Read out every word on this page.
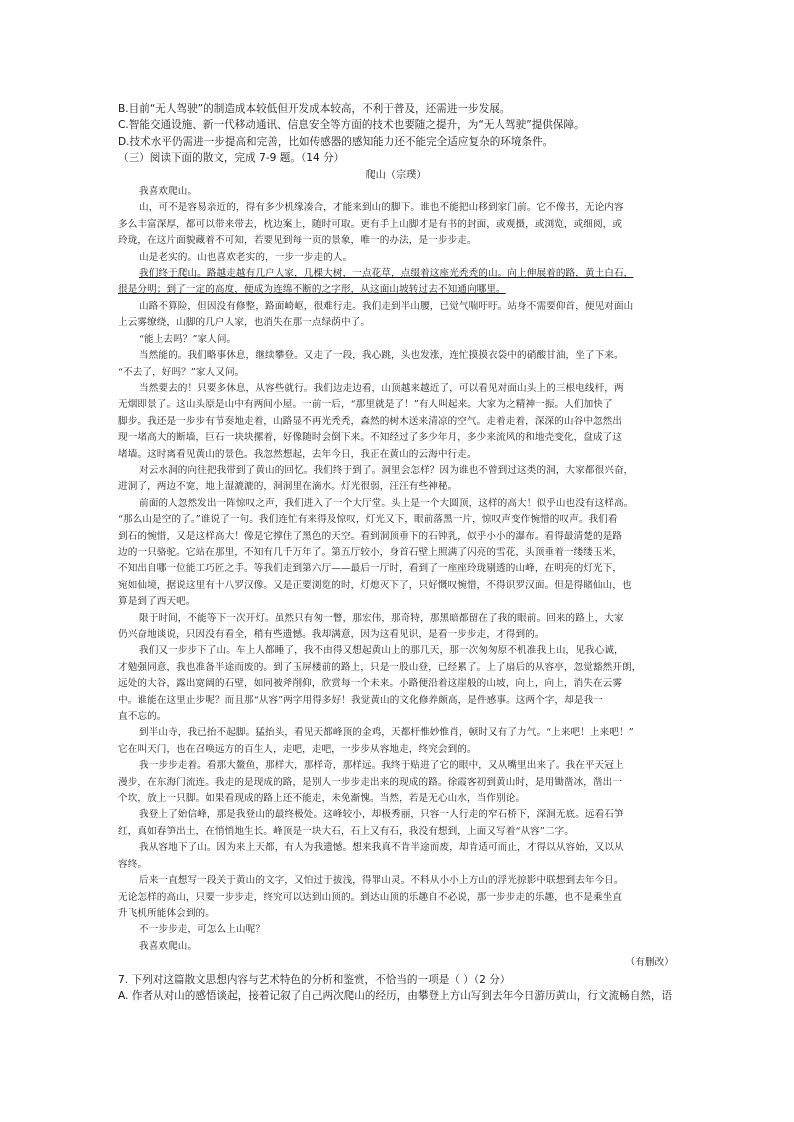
B.目前“无人驾驶”的制造成本较低但开发成本较高，不利于普及，还需进一步发展。
C.智能交通设施、新一代移动通讯、信息安全等方面的技术也要随之提升，为“无人驾驶”提供保障。
D.技术水平仍需进一步提高和完善，比如传感器的感知能力还不能完全适应复杂的环境条件。
（三）阅读下面的散文，完成 7-9 题。（14 分）
爬山（宗璞）
我喜欢爬山。
山，可不是容易亲近的，得有多少机缘凑合，才能来到山的脚下。谁也不能把山移到家门前。它不像书，无论内容
多么丰富深厚，都可以带来带去，枕边案上，随时可取。更有手上山脚才是有书的封面，或观摄，或浏览，或细阅，或
玲珑，在这片面貌藏着不可知，若要见到每一页的景象，唯一的办法，是一步步走。
山是老实的。山也喜欢老实的，一步一步走的人。
我们终于爬山。路越走越有几户人家，几棵大树，一点花草，点缀着这座光秃秃的山。向上伸展着的路，黄土白石，
很是分明；到了一定的高度，便成为连绵不断的之字形，从这面山坡转过去不知通向哪里。
山路不算险，但因没有修整，路面崎岖，很难行走。我们走到半山腰，已觉气喘吁吁。站身不需要仰首，便见对面山
上云雾缭绕，山脚的几户人家，也消失在那一点绿荫中了。
“能上去吗？”家人问。
当然能的。我们略事休息，继续攀登。又走了一段，我心跳，头也发涨，连忙摸摸衣袋中的硝酸甘油，坐了下来。
“不去了，好吗？”家人又问。
当然要去的！只要多休息，从容些就行。我们边走边看，山顶越来越近了，可以看见对面山头上的三根电线杆，两
无烟即景了。这山头原是山中有两间小屋。一前一后，“那里就是了！”有人叫起来。大家为之精神一振。人们加快了
脚步。我还是一步步有节奏地走着，山路显不再光秃秃，森然的树木送来清凉的空气。走着走着，深深的山谷中忽然出
现一堵高大的断墙，巨石一块块摞着，好像随时会倒下来。不知经过了多少年月，多少来流风的和地壳变化，盘成了这
堵墙。这时离看见黄山的景色。我忽然想起，去年今日，我正在黄山的云海中行走。
对云水洞的向往把我带到了黄山的回忆。我们终于到了。洞里会怎样？因为谁也不曾到过这类的洞，大家都很兴奋，
进洞了，两边不宽，地上湿漉漉的，洞洞里在滴水。灯光很弱，汪汪有些神秘。
前面的人忽然发出一阵惊叹之声，我们进入了一个大厅堂。头上是一个大圆顶，这样的高大！似乎山也没有这样高。
“那么山是空的了。”谁说了一句。我们连忙有来得及惊叹，灯光又下，眼前落黑一片，惊叹声变作惋惜的叹声。我们看
到石的惋惜，又是这样高大！像是它撑住了黑色的天空。看到洞顶垂下的石钟乳，似乎小小的瀑布。看得最清楚的是路
边的一只骆驼。它站在那里，不知有几千万年了。第五厅较小，身首石壁上照满了闪亮的雪花，头顶垂着一缕缕玉米，
不知出自哪一位能工巧匠之手。等我们走到第六厅——最后一厅时，看到了一座座玲珑剔透的山峰，在明亮的灯光下，
宛如仙境，据说这里有十八罗汉像。又是正要浏览的时，灯熄灭下了，只好慨叹惋惜，不得识罗汉面。但是得睹仙山，也
算是到了西天吧。
限于时间，不能等下一次开灯。虽然只有匆一瞥，那宏伟，那奇特，那黑暗都留在了我的眼前。回来的路上，大家
仍兴奋地谈说，只因没有看全，稍有些遗憾。我却满意，因为这看见识，是看一步步走，才得到的。
我们又一步步下了山。车上人都睡了，我不由得又想起黄山上的那几天，那一次匆匆原不机准我上山，见我心诚，
才勉强同意，我也准备半途而废的。到了玉屏楼前的路上，只是一股山登，已经累了。上了扇后的从容亭，忽觉豁然开朗，
远处的大谷，露出宽阔的石壁，如同被斧削仰，欣赏每一个未来。小路便沿着这崖般的山坡，向上，向上，消失在云雾
中。谁能在这里止步呢？而且那“从容”两字用得多好！我觉黄山的文化修养颇高，是件感事。这两个字，却是我一
直不忘的。
到半山寺，我已抬不起脚。猛抬头，看见天都峰顶的金鸡，天都杆惟妙惟肖，顿时又有了力气。“上来吧！上来吧！”
它在叫天门，也在召唤远方的百生人，走吧，走吧，一步步从容地走，终究会到的。
我一步步走着。看那大鳌鱼，那样大，那样奇，那样远。我终于贴进了它的眼中，又从嘴里出来了。我在平天冠上
漫步，在东海门流连。我走的是现成的路，是别人一步步走出来的现成的路。徐霞客初到黄山时，是用锄凿冰，凿出一
个坎，放上一只脚。如果看现成的路上还不能走，未免渐愧。当然，若是无心山水，当作别论。
我登上了始信峰，那是我登山的最终极处。这峰较小，却极秀丽，只容一人行走的窄石桥下，深洞无底。远看石笋
红，真如春笋出土，在悄悄地生长。峰顶是一块大石，石上又有石，我没有想到，上面又写着“从容”二字。
我从容地下了山。因为来上天都，有人为我遗憾。想来我真不肯半途而废，却肯适可而止，才得以从容始，又以从
容终。
后来一直想写一段关于黄山的文字，又怕过于拔浅，得罪山灵。不料从小小上方山的浮光掠影中联想到去年今日。
无论怎样的高山，只要一步步走，终究可以达到山顶的。到达山顶的乐趣自不必说，那一步步走的乐趣，也不是乘坐直
升飞机所能体会到的。
不一步步走，可怎么上山呢？
我喜欢爬山。
（有删改）
7. 下列对这篇散文思想内容与艺术特色的分析和鉴赏，不恰当的一项是（ ）（2 分）
A. 作者从对山的感悟谈起，接着记叙了自己两次爬山的经历，由攀登上方山写到去年今日游历黄山，行文流畅自然，语
